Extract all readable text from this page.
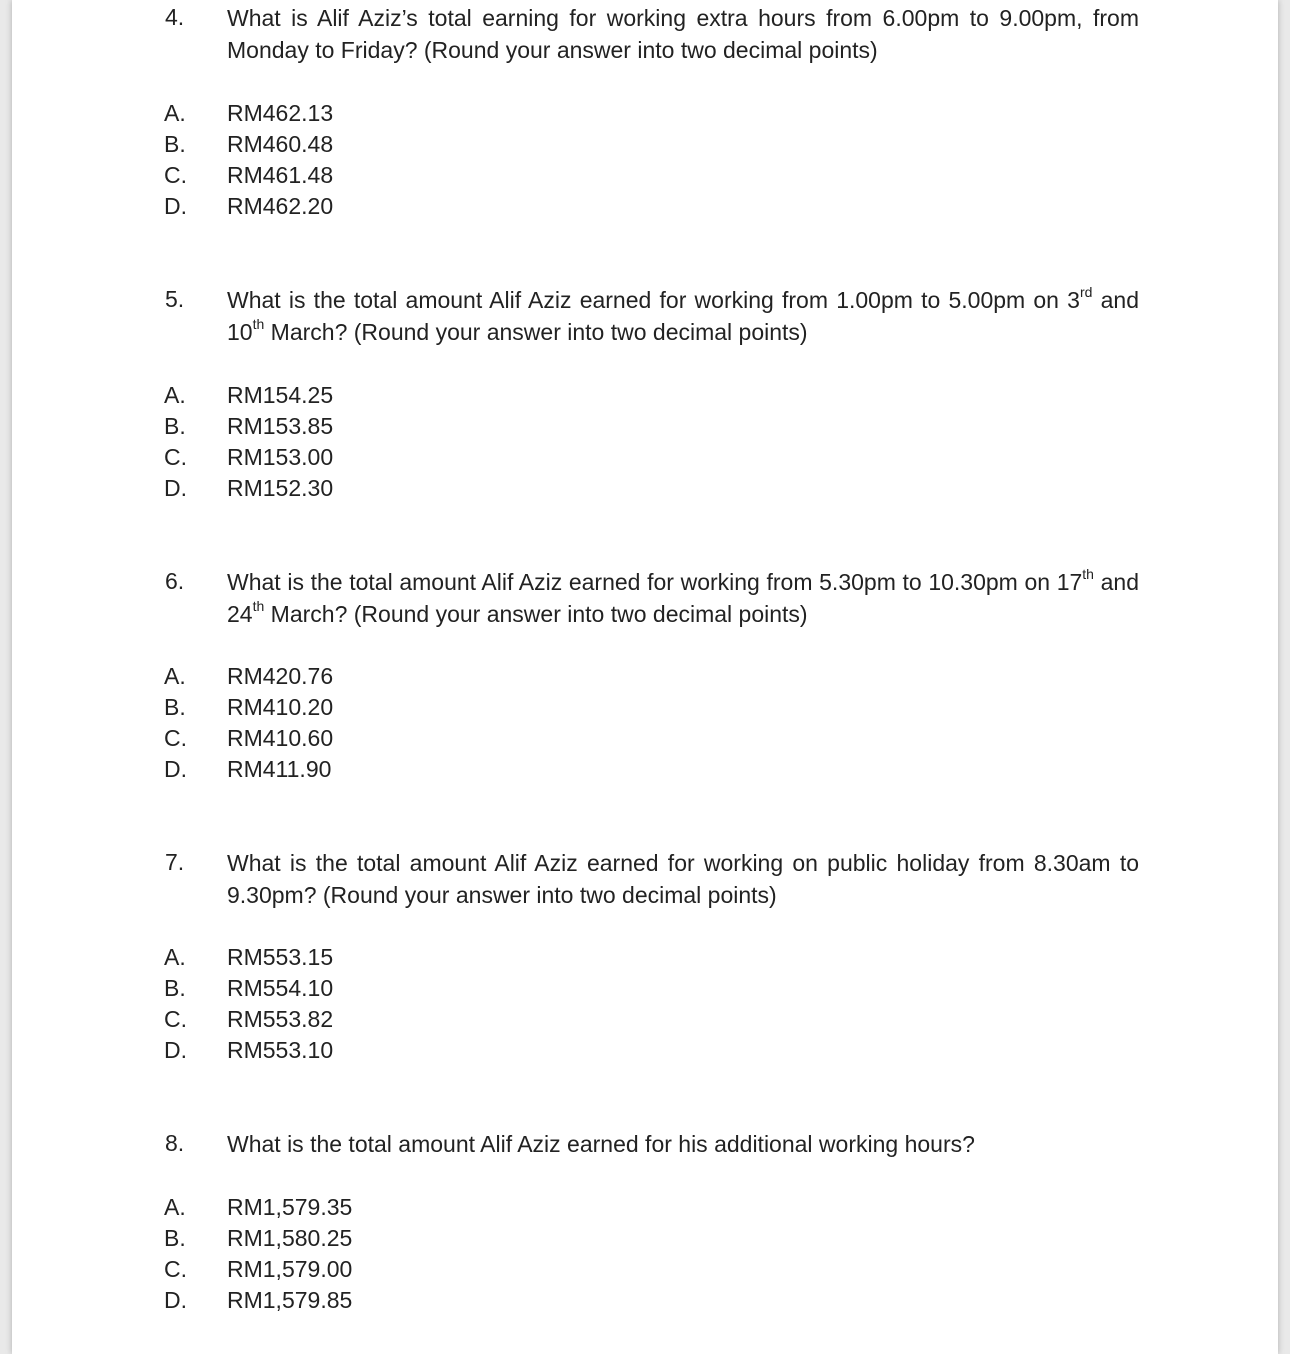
4. What is Alif Aziz’s total earning for working extra hours from 6.00pm to 9.00pm, from Monday to Friday? (Round your answer into two decimal points)
A. RM462.13
B. RM460.48
C. RM461.48
D. RM462.20
5. What is the total amount Alif Aziz earned for working from 1.00pm to 5.00pm on 3rd and 10th March? (Round your answer into two decimal points)
A. RM154.25
B. RM153.85
C. RM153.00
D. RM152.30
6. What is the total amount Alif Aziz earned for working from 5.30pm to 10.30pm on 17th and 24th March? (Round your answer into two decimal points)
A. RM420.76
B. RM410.20
C. RM410.60
D. RM411.90
7. What is the total amount Alif Aziz earned for working on public holiday from 8.30am to 9.30pm? (Round your answer into two decimal points)
A. RM553.15
B. RM554.10
C. RM553.82
D. RM553.10
8. What is the total amount Alif Aziz earned for his additional working hours?
A. RM1,579.35
B. RM1,580.25
C. RM1,579.00
D. RM1,579.85
